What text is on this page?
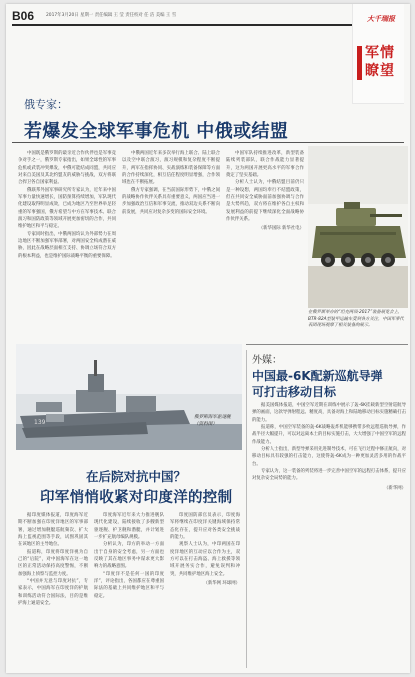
B06	2017年3月20日 星期一 责任编辑 王 莹 责任校对 任 洁 美编 王 雪	大千瑞报
军情瞭望
俄专家：
若爆发全球军事危机 中俄或结盟

中国既是俄罗斯的最亲近合作伙伴也是军事竞争对手之一，俄罗斯专家指出，如果全球性的军事危机或武装冲突爆发，中俄可能结成同盟，共同应对来自美国及其北约盟友的威胁与挑战，双方将联合捍卫各自国家利益。

俄联邦外国军事研究所专家认为，近年来中国军事力量快速增长，国防预算持续增加，军队现代化建设取得明显成效，已成为地区乃至世界举足轻重的军事强国，俄方希望与中方在军事技术、联合演习和国防政策等领域开展更加密切的合作，共同维护地区和平与稳定。

专家同时指出，中俄两国均认为外部势力在周边地区不断加强军事部署，对两国安全构成潜在威胁，因此在战略层面相互支持、协调立场符合双方的根本利益，也是维护国际战略平衡的重要保障。

中俄两国近年来多次举行海上联合、陆上联合以及空中联合演习，演习规模和复杂程度不断提升，两军在指挥协同、实战演练和装备保障等方面的合作持续深化，相互信任程度明显增强，合作领域也在不断拓展。

俄方专家强调，在当前国际形势下，中俄之间的战略协作伙伴关系具有重要意义，两国应当进一步加强政治互信和军事交流，推动双边关系不断向前发展，共同应对复杂多变的国际安全环境。

中国军队持续推进改革，新型装备陆续列装部队，联合作战能力显著提升，这为两国开展更高水平的军事合作奠定了坚实基础。

分析人士认为，中俄结盟目前仍只是一种设想，两国均奉行不结盟政策，但在共同安全威胁面前加强协调与合作是大势所趋，双方将在维护各自主权和发展利益的前提下继续深化全面战略协作伙伴关系。

（新华国际 新华社电）
在俄罗斯举办的“坦克两项-2017”装备展览会上，BTR-82A型装甲运输车受到各方关注，中国军事代表团现场观摩了相关装备的展示。
外媒：
中国最-6K配新巡航导弹
可打击移动目标

据美国媒体报道，中国空军近期在训练中展示了轰-6K挂载新型空射巡航导弹的画面，这款导弹射程远、精度高，具备对海上和陆地移动目标实施精确打击的能力。

报道称，中国空军装备的轰-6K战略轰炸机能够携带多枚远程巡航导弹，作战半径大幅提升，可以对远离本土的目标实施打击，大大增强了中国空军的远程作战能力。

分析人士指出，新型导弹采用先进制导技术，可在飞行过程中修正航向，对移动目标具有较强的打击能力，这使得轰-6K成为一种更加灵活多用的作战平台。

专家认为，这一装备的列装将进一步完善中国空军的远程打击体系，提升应对复杂安全局势的能力。

（新华网）
139
俄罗斯海军驱逐舰（资料图）
在后院对抗中国？
印军悄悄收紧对印度洋的控制

据印度媒体报道，印度海军近期不断加强在印度洋地区的军事部署，通过增加舰艇巡航频次、扩大海上监视范围等手段，试图巩固其在该地区的主导地位。

报道称，印度将印度洋视为自己的“后院”，对中国海军在这一地区的正常活动保持高度警惕，不断加强海上侦察与监控力度。

“中国并无意与印度对抗”，专家表示，中国海军在印度洋的护航和训练活动符合国际法，目的是维护海上通道安全。

印度海军近年来大力推进舰队现代化建设，陆续接收了多艘新型驱逐舰、护卫舰和潜艇，并计划进一步扩充航母编队规模。

分析认为，印方的举动一方面出于自身的安全考虑，另一方面也反映了其在地区事务中谋求更大影响力的战略意图。

“印度洋不是任何一国的印度洋”，评论指出，各国都应在尊重国际法的基础上共同维护地区和平与稳定。

印度国防部官员表示，印度海军将继续在印度洋关键海域保持常态化存在，提升应对各类安全挑战的能力。

观察人士认为，中印两国在印度洋地区的互动应以合作为主，双方可以在打击海盗、海上救援等领域开展务实合作，避免误判和冲突，共同维护地区海上安全。

（新华网 环球网）
